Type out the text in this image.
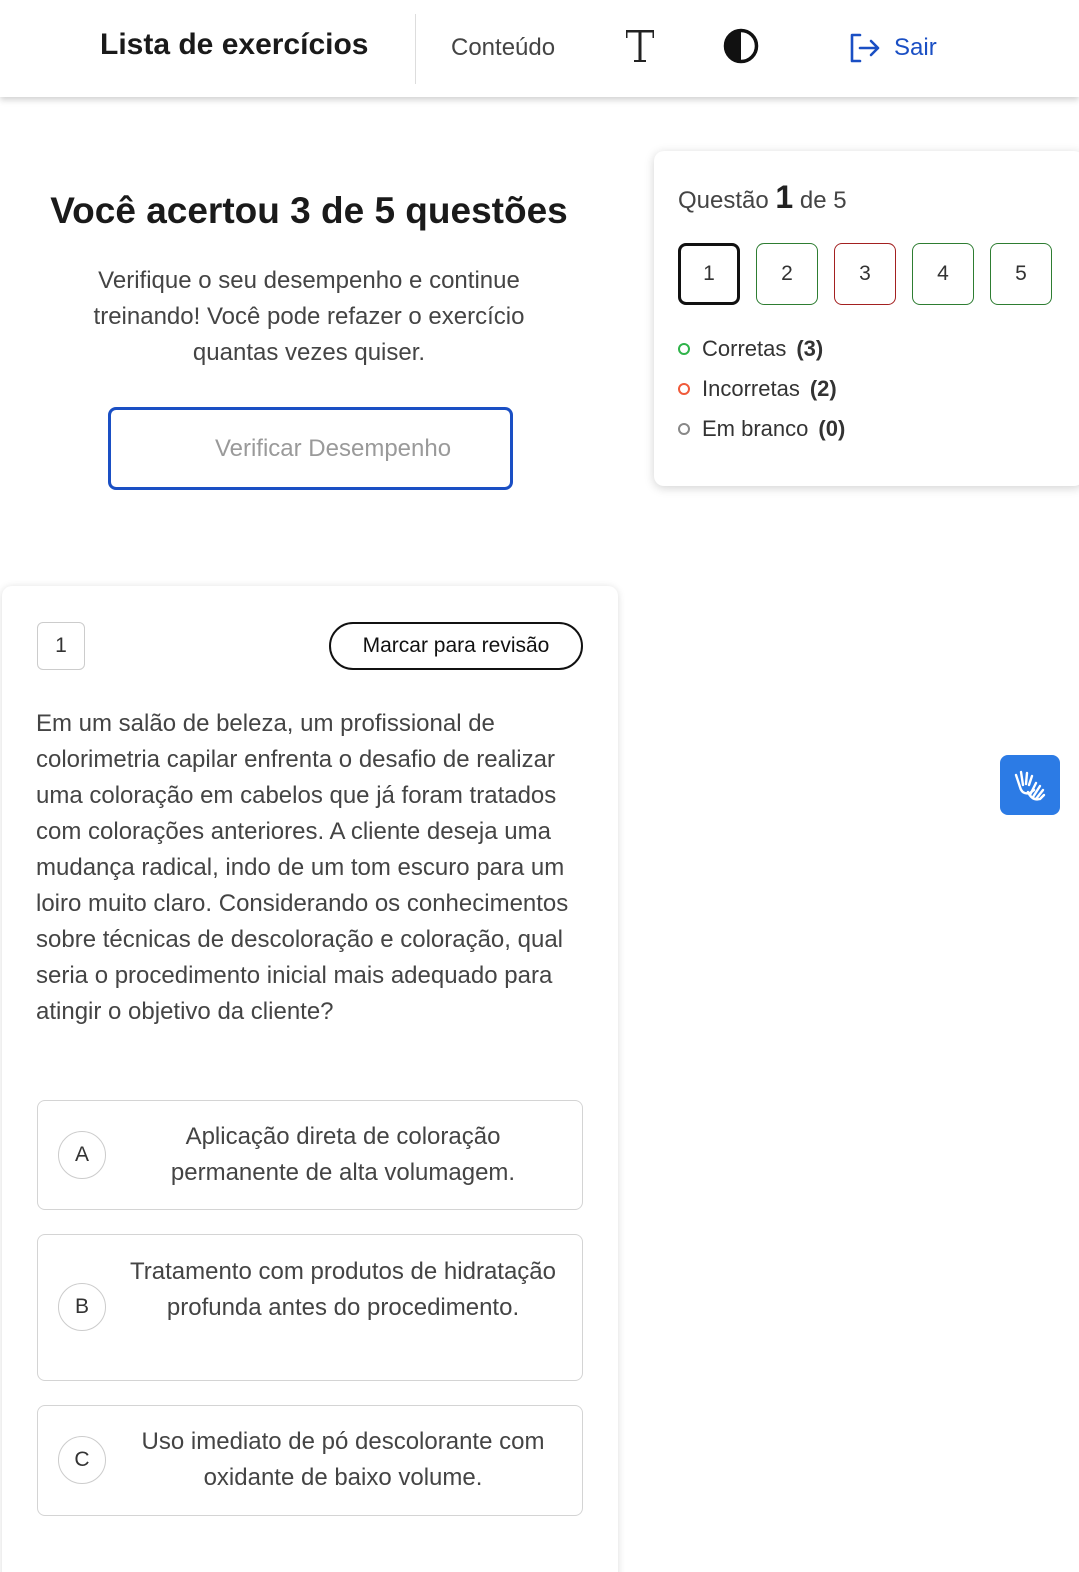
Lista de exercícios	Conteúdo	Sair
Você acertou 3 de 5 questões
Verifique o seu desempenho e continue treinando! Você pode refazer o exercício quantas vezes quiser.
Verificar Desempenho
Questão 1 de 5
1	2	3	4	5
Corretas (3)
Incorretas (2)
Em branco (0)
1	Marcar para revisão
Em um salão de beleza, um profissional de colorimetria capilar enfrenta o desafio de realizar uma coloração em cabelos que já foram tratados com colorações anteriores. A cliente deseja uma mudança radical, indo de um tom escuro para um loiro muito claro. Considerando os conhecimentos sobre técnicas de descoloração e coloração, qual seria o procedimento inicial mais adequado para atingir o objetivo da cliente?
A
Aplicação direta de coloração permanente de alta volumagem.
B
Tratamento com produtos de hidratação profunda antes do procedimento.
C
Uso imediato de pó descolorante com oxidante de baixo volume.
